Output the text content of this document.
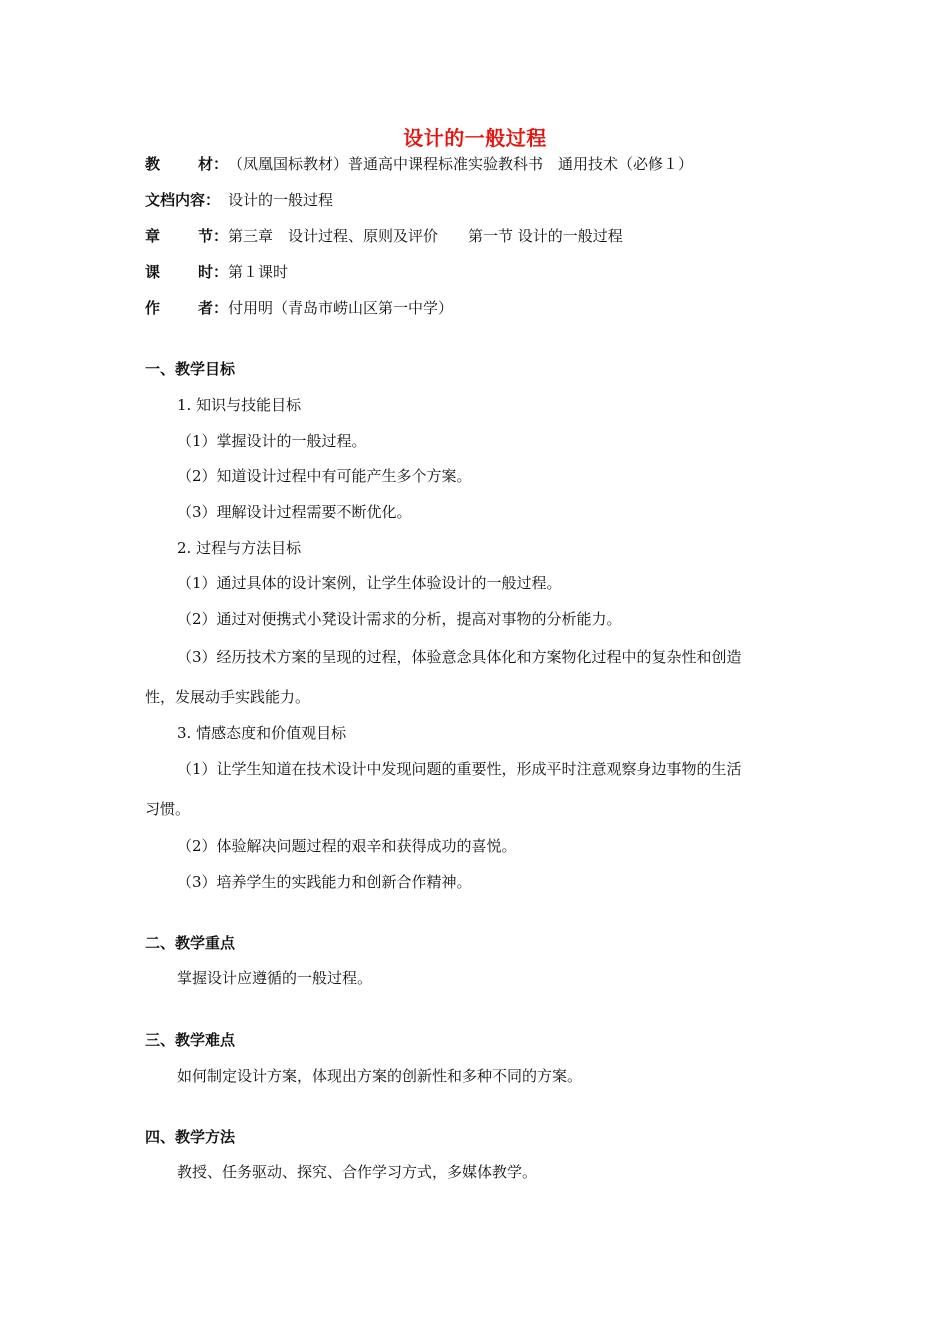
设计的一般过程
教	材： （凤凰国标教材）普通高中课程标准实验教科书　通用技术（必修１）
文档内容： 设计的一般过程
章	节： 第三章　设计过程、原则及评价　　第一节 设计的一般过程
课	时： 第１课时
作	者： 付用明（青岛市崂山区第一中学）
一、教学目标
1. 知识与技能目标
（1）掌握设计的一般过程。
（2）知道设计过程中有可能产生多个方案。
（3）理解设计过程需要不断优化。
2. 过程与方法目标
（1）通过具体的设计案例，让学生体验设计的一般过程。
（2）通过对便携式小凳设计需求的分析，提高对事物的分析能力。
（3）经历技术方案的呈现的过程，体验意念具体化和方案物化过程中的复杂性和创造
性，发展动手实践能力。
3. 情感态度和价值观目标
（1）让学生知道在技术设计中发现问题的重要性，形成平时注意观察身边事物的生活
习惯。
（2）体验解决问题过程的艰辛和获得成功的喜悦。
（3）培养学生的实践能力和创新合作精神。
二、教学重点
掌握设计应遵循的一般过程。
三、教学难点
如何制定设计方案，体现出方案的创新性和多种不同的方案。
四、教学方法
教授、任务驱动、探究、合作学习方式，多媒体教学。
